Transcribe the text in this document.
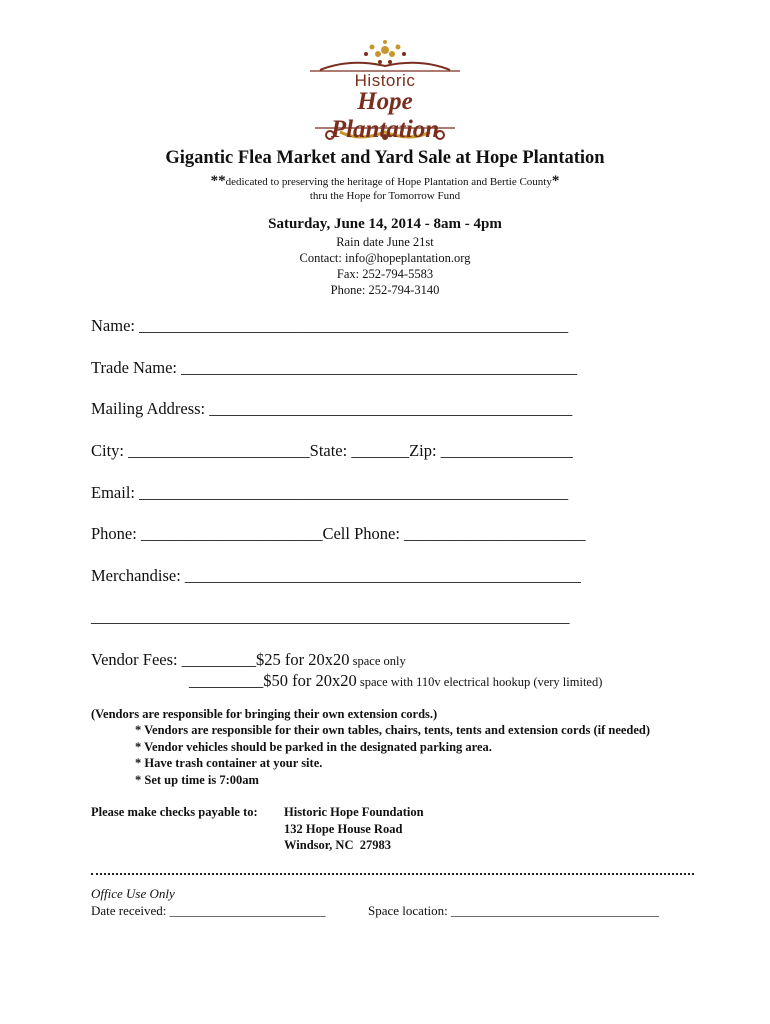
Historic
Hope Plantation
Gigantic Flea Market and Yard Sale at Hope Plantation
**dedicated to preserving the heritage of Hope Plantation and Bertie County*
thru the Hope for Tomorrow Fund
Saturday, June 14, 2014 - 8am - 4pm
Rain date June 21st
Contact: info@hopeplantation.org
Fax: 252-794-5583
Phone: 252-794-3140
Name: ____________________________________________________
Trade Name: ________________________________________________
Mailing Address: ____________________________________________
City: ______________________State: _______Zip: ________________
Email: ____________________________________________________
Phone: ______________________Cell Phone: ______________________
Merchandise: ________________________________________________
__________________________________________________________
Vendor Fees: _________$25 for 20x20 space only
_________$50 for 20x20 space with 110v electrical hookup (very limited)
(Vendors are responsible for bringing their own extension cords.)
* Vendors are responsible for their own tables, chairs, tents, tents and extension cords (if needed)
* Vendor vehicles should be parked in the designated parking area.
* Have trash container at your site.
* Set up time is 7:00am
Please make checks payable to: Historic Hope Foundation
132 Hope House Road
Windsor, NC  27983
Office Use Only
Date received: ________________________	Space location: ________________________________
